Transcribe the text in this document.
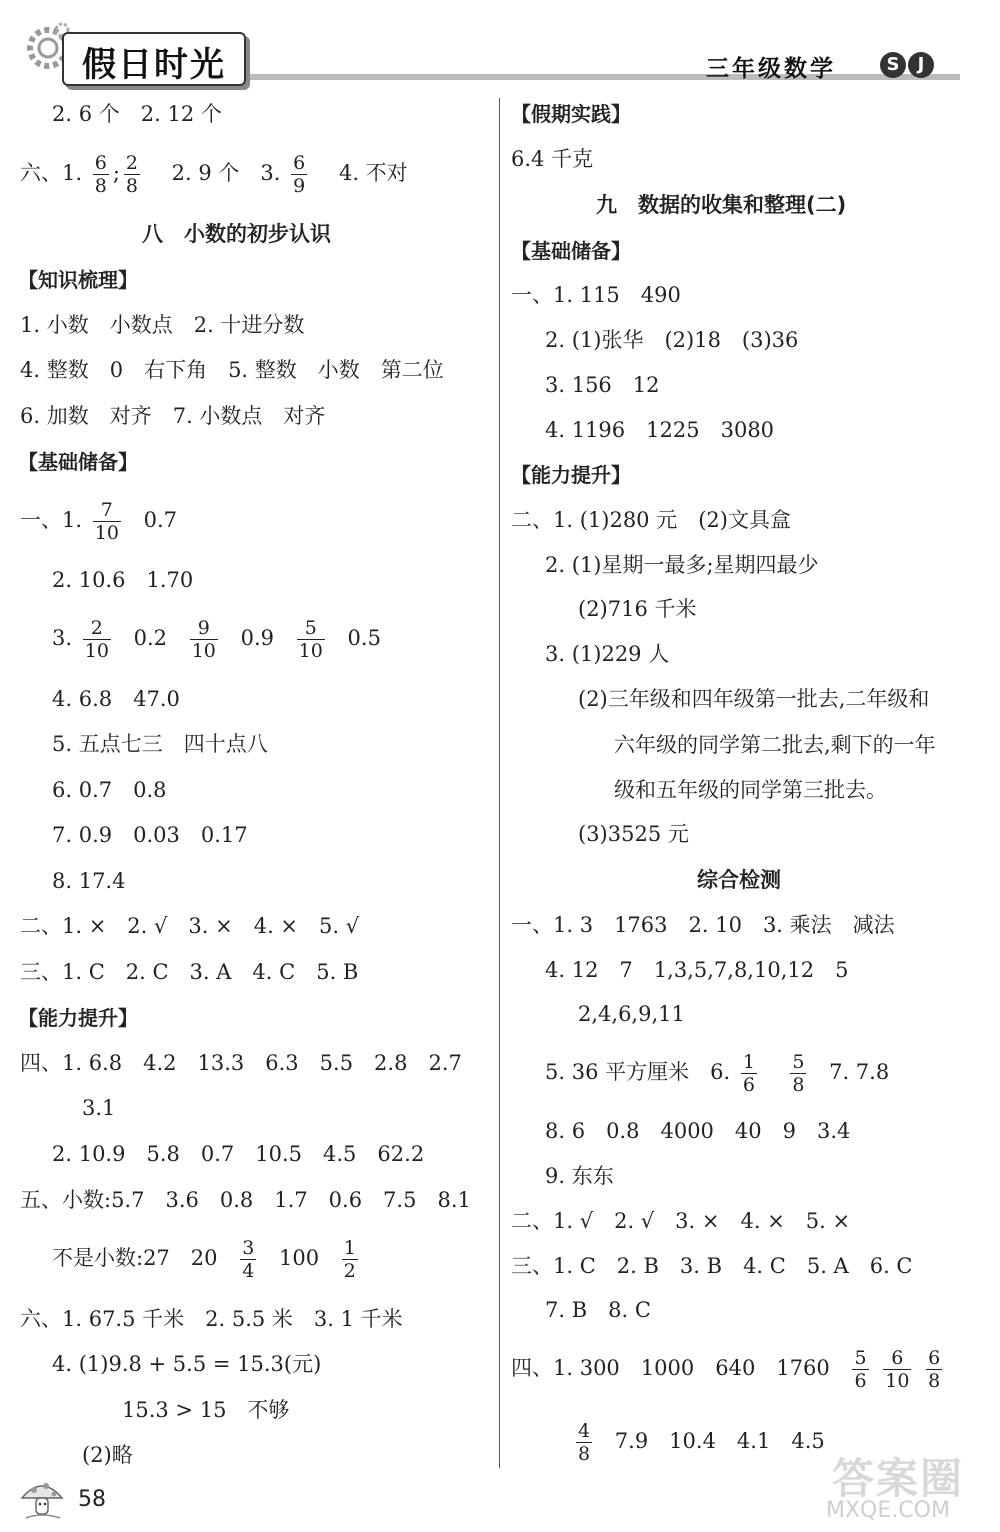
假日时光	三年级数学	S	J
2. 6 个　2. 12 个
六、1. $\frac{6}{8}$ ; $\frac{2}{8}$ 　2. 9 个　3. $\frac{6}{9}$ 　4. 不对
八　小数的初步认识
【知识梳理】
1. 小数　小数点　2. 十进分数
4. 整数　0　右下角　5. 整数　小数　第二位
6. 加数　对齐　7. 小数点　对齐
【基础储备】
一、1. $\frac{7}{10} 0.7$
2. 10.6　1.70
3. $\frac{2}{10} 0.2 \frac{9}{10} 0.9 \frac{5}{10} 0.5$
4. 6.8　47.0
5. 五点七三　四十点八
6. 0.7　0.8
7. 0.9　0.03　0.17
8. 17.4
二、1. ×　2. √　3. ×　4. ×　5. √
三、1. C　2. C　3. A　4. C　5. B
【能力提升】
四、1. 6.8　4.2　13.3　6.3　5.5　2.8　2.7
3.1
2. 10.9　5.8　0.7　10.5　4.5　62.2
五、小数:5.7　3.6　0.8　1.7　0.6　7.5　8.1
不是小数:27　$20 \frac{3}{4} 100 \frac{1}{2}$
六、1. 67.5 千米　2. 5.5 米　3. 1 千米
4. (1)9.8 + 5.5 = 15.3(元)
15.3 > 15　不够
(2)略
【假期实践】
6.4 千克
九　数据的收集和整理(二)
【基础储备】
一、1. 115　490
2. (1)张华　(2)18　(3)36
3. 156　12
4. 1196　1225　3080
【能力提升】
二、1. (1)280 元　(2)文具盒
2. (1)星期一最多;星期四最少
(2)716 千米
3. (1)229 人
(2)三年级和四年级第一批去,二年级和
六年级的同学第二批去,剩下的一年
级和五年级的同学第三批去。
(3)3525 元
综合检测
一、1. 3　1763　2. 10　3. 乘法　减法
4. 12　7　1,3,5,7,8,10,12　5
2,4,6,9,11
5. 36 平方厘米　6. $\frac{1}{6}$
$\frac{5}{8} 7$. 7.8
8. 6　0.8　4000　40　9　3.4
9. 东东
二、1. √　2. √　3. ×　4. ×　5. ×
三、1. C　2. B　3. B　4. C　5. A　6. C
7. B　8. C
四、1. 300　1000　640　$1760 \frac{5}{6}$
$\frac{6}{10}$
$\frac{6}{8}$
$\frac{4}{8} 7.9$　10.4　4.1　4.5
58	答案圈
MXQE.COM
